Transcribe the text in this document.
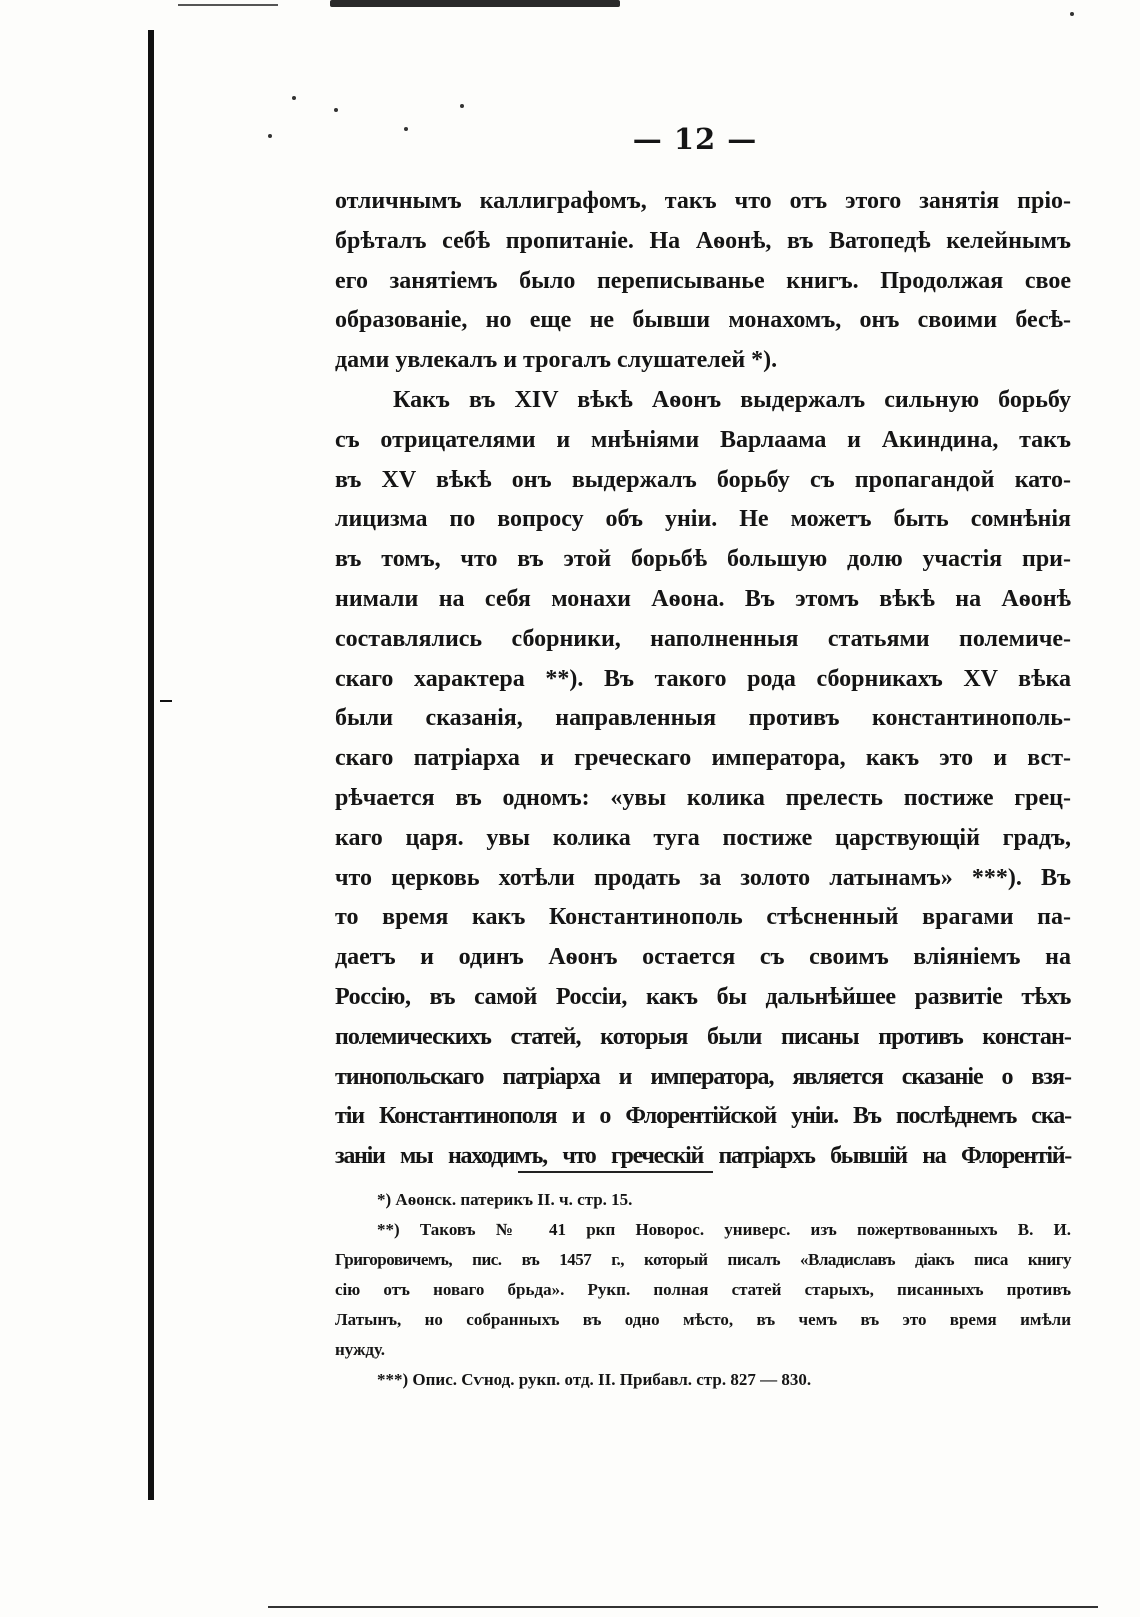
— 12 —
отличнымъ каллиграфомъ, такъ что отъ этого занятія пріо-
брѣталъ себѣ пропитаніе. На Аѳонѣ, въ Ватопедѣ келейнымъ
его занятіемъ было переписыванье книгъ. Продолжая свое
образованіе, но еще не бывши монахомъ, онъ своими бесѣ-
дами увлекалъ и трогалъ слушателей *).
Какъ въ XIV вѣкѣ Аѳонъ выдержалъ сильную борьбу
съ отрицателями и мнѣніями Варлаама и Акиндина, такъ
въ XV вѣкѣ онъ выдержалъ борьбу съ пропагандой като-
лицизма по вопросу объ уніи. Не можетъ быть сомнѣнія
въ томъ, что въ этой борьбѣ большую долю участія при-
нимали на себя монахи Аѳона. Въ этомъ вѣкѣ на Аѳонѣ
составлялись сборники, наполненныя статьями полемиче-
скаго характера **). Въ такого рода сборникахъ XV вѣка
были сказанія, направленныя противъ константинополь-
скаго патріарха и греческаго императора, какъ это и вст-
рѣчается въ одномъ: «увы колика прелесть постиже грец-
каго царя. увы колика туга постиже царствующій градъ,
что церковь хотѣли продать за золото латынамъ» ***). Въ
то время какъ Константинополь стѣсненный врагами па-
даетъ и одинъ Аѳонъ остается съ своимъ вліяніемъ на
Россію, въ самой Россіи, какъ бы дальнѣйшее развитіе тѣхъ
полемическихъ статей, которыя были писаны противъ констан-
тинопольскаго патріарха и императора, является сказаніе о взя-
тіи Константинополя и о Флорентійской уніи. Въ послѣднемъ ска-
заніи мы находимъ, что греческій патріархъ бывшій на Флорентій-
*) Аѳонск. патерикъ II. ч. стр. 15.
**) Таковъ № 41 ркп Новорос. универс. изъ пожертвованныхъ В. И.
Григоровичемъ, пис. въ 1457 г., который писалъ «Владиславъ діакъ писа книгу
сію отъ новаго брьда». Рукп. полная статей старыхъ, писанныхъ противъ
Латынъ, но собранныхъ въ одно мѣсто, въ чемъ въ это время имѣли
нужду.
***) Опис. Сѵнод. рукп. отд. II. Прибавл. стр. 827 — 830.
